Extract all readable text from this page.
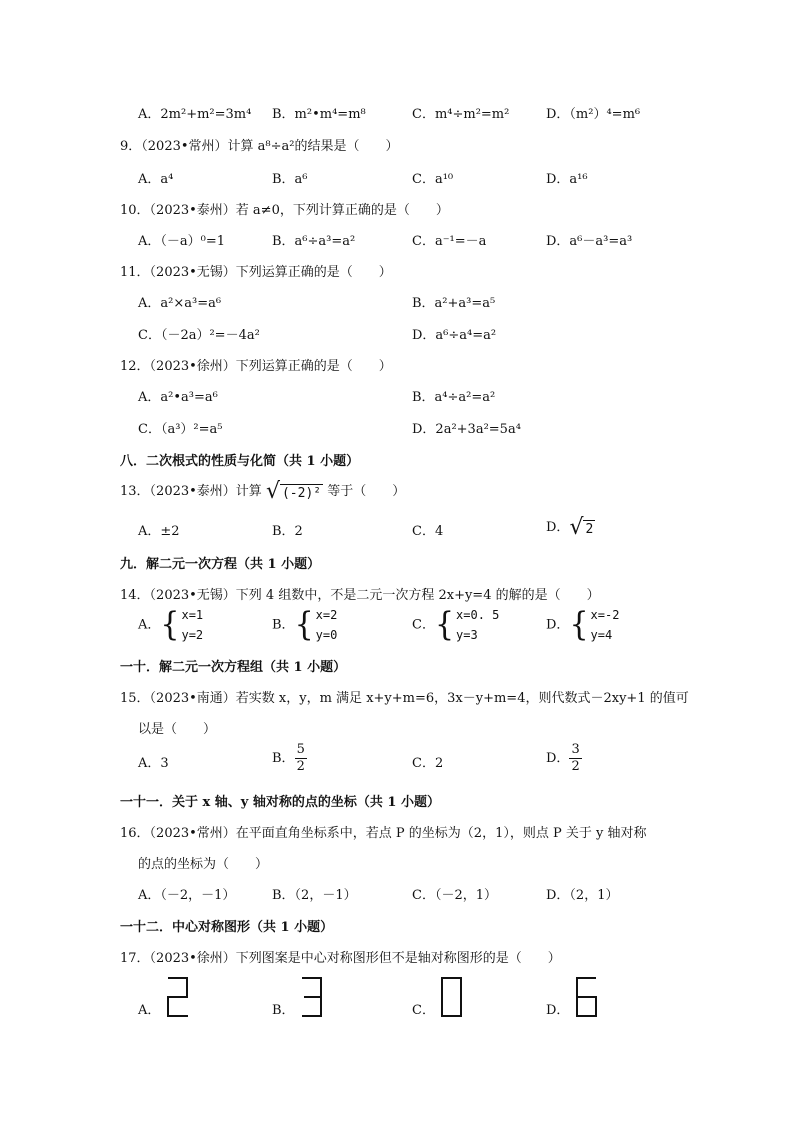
A．2m²+m²=3m⁴ B．m²•m⁴=m⁸	C．m⁴÷m²=m²	D．（m²）⁴=m⁶
9．（2023•常州）计算 a⁸÷a²的结果是（　　）
A．a⁴	B．a⁶	C．a¹⁰	D．a¹⁶
10．（2023•泰州）若 a≠0，下列计算正确的是（　　）
A．（－a）⁰=1	B．a⁶÷a³=a²	C．a⁻¹=－a	D．a⁶－a³=a³
11．（2023•无锡）下列运算正确的是（　　）
A．a²×a³=a⁶	B．a²+a³=a⁵
C．（－2a）²=－4a²	D．a⁶÷a⁴=a²
12．（2023•徐州）下列运算正确的是（　　）
A．a²•a³=a⁶	B．a⁴÷a²=a²
C．（a³）²=a⁵	D．2a²+3a²=5a⁴
八．二次根式的性质与化简（共 1 小题）
13．（2023•泰州）计算 √ (-2)² 等于（　　）
A．±2	B．2	C．4	D． √ 2
九．解二元一次方程（共 1 小题）
14．（2023•无锡）下列 4 组数中，不是二元一次方程 2x+y=4 的解的是（　　）
A． { x=1
y=2
B． { x=2
y=0
C． { x=0. 5
y=3
D． { x=-2
y=4
一十．解二元一次方程组（共 1 小题）
15．（2023•南通）若实数 x，y，m 满足 x+y+m=6，3x－y+m=4，则代数式－2xy+1 的值可
以是（　　）
A．3	B． $\frac{5}{2}$	C．2	D． $\frac{3}{2}$
一十一．关于 x 轴、y 轴对称的点的坐标（共 1 小题）
16．（2023•常州）在平面直角坐标系中，若点 P 的坐标为（2，1），则点 P 关于 y 轴对称
的点的坐标为（　　）
A．（－2，－1）	B．（2，－1）	C．（－2，1）	D．（2，1）
一十二．中心对称图形（共 1 小题）
17．（2023•徐州）下列图案是中心对称图形但不是轴对称图形的是（　　）
A．	B．	C．	D．
